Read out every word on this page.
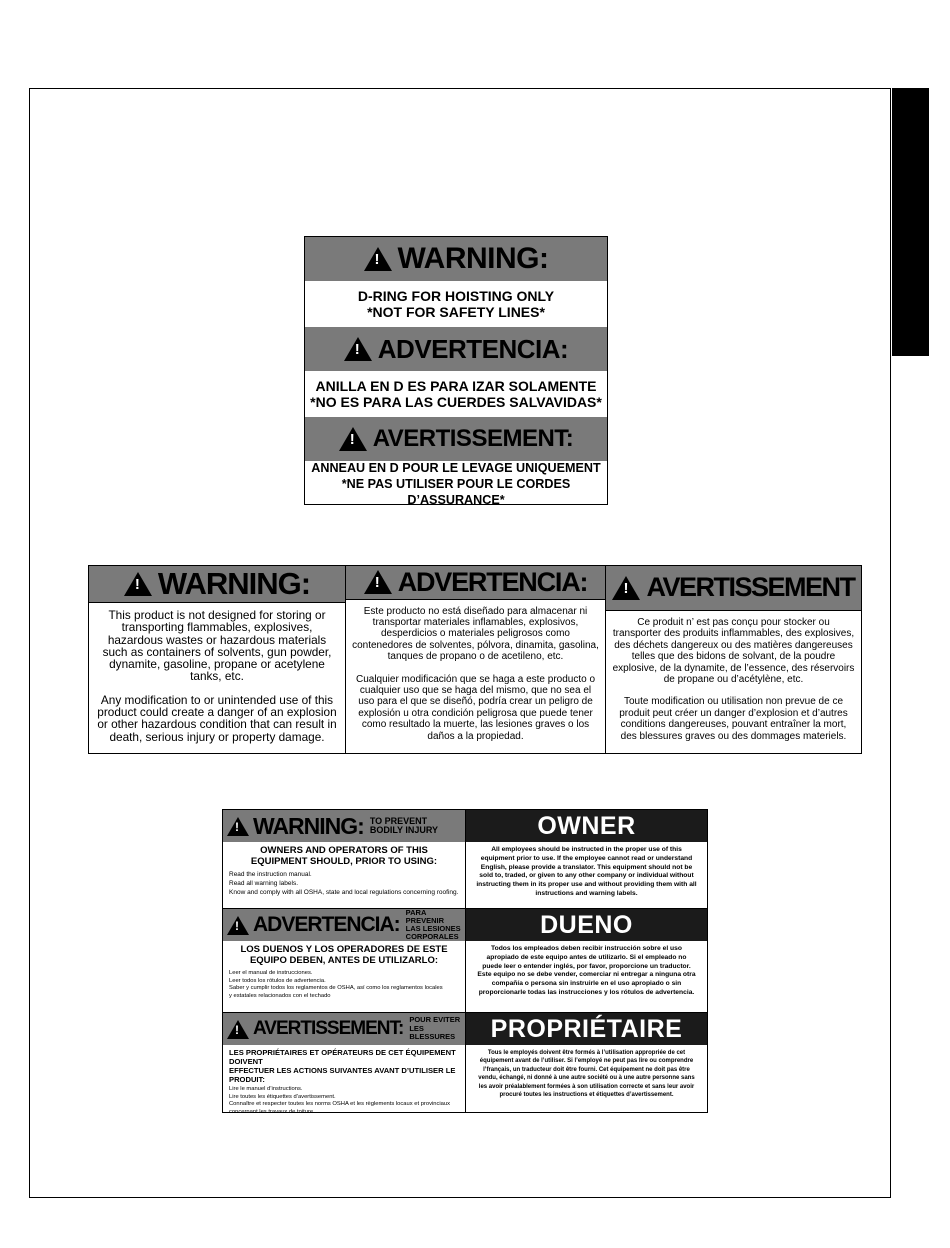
!
WARNING:
D-RING FOR HOISTING ONLY
*NOT FOR SAFETY LINES*
!
ADVERTENCIA:
ANILLA EN D ES PARA IZAR SOLAMENTE
*NO ES PARA LAS CUERDES SALVAVIDAS*
!
AVERTISSEMENT:
ANNEAU EN D POUR LE LEVAGE UNIQUEMENT
*NE PAS UTILISER POUR LE CORDES D’ASSURANCE*
!
WARNING:

This product is not designed for storing or transporting flammables, explosives, hazardous wastes or hazardous materials such as containers of solvents, gun powder, dynamite, gasoline, propane or acetylene tanks, etc.

Any modification to or unintended use of this product could create a danger of an explosion or other hazardous condition that can result in death, serious injury or property damage.

!
ADVERTENCIA:

Este producto no está diseñado para almacenar ni transportar materiales inflamables, explosivos, desperdicios o materiales peligrosos como contenedores de solventes, pólvora, dinamita, gasolina, tanques de propano o de acetileno, etc.

Cualquier modificación que se haga a este producto o cualquier uso que se haga del mismo, que no sea el uso para el que se diseñó, podría crear un peligro de explosión u otra condición peligrosa que puede tener como resultado la muerte, las lesiones graves o los daños a la propiedad.

!
AVERTISSEMENT

Ce produit n’ est pas conçu pour stocker ou transporter des produits inflammables, des explosives, des déchets dangereux ou des matières dangereuses telles que des bidons de solvant, de la poudre explosive, de la dynamite, de l’essence, des réservoirs de propane ou d’acétylène, etc.

Toute modification ou utilisation non prevue de ce produit peut créer un danger d’explosion et d’autres conditions dangereuses, pouvant entraîner la mort, des blessures graves ou des dommages materiels.

!
WARNING: TO PREVENT
BODILY INJURY
OWNERS AND OPERATORS OF THIS
EQUIPMENT SHOULD, PRIOR TO USING:
Read the instruction manual.
Read all warning labels.
Know and comply with all OSHA, state and local regulations concerning roofing.
OWNER
All employees should be instructed in the proper use of this equipment prior to use. If the employee cannot read or understand English, please provide a translator. This equipment should not be sold to, traded, or given to any other company or individual without instructing them in its proper use and without providing them with all instructions and warning labels.
!
ADVERTENCIA:
PARA PREVENIR
LAS LESIONES
CORPORALES
LOS DUENOS Y LOS OPERADORES DE ESTE
EQUIPO DEBEN, ANTES DE UTILIZARLO:
Leer el manual de instrucciones.
Leer todos los rótulos de advertencia.
Saber y cumplir todos los reglamentos de OSHA, así como los reglamentos locales
y estatales relacionados con el techado
DUENO
Todos los empleados deben recibir instrucción sobre el uso apropiado de este equipo antes de utilizarlo. Si el empleado no puede leer o entender inglés, por favor, proporcione un traductor. Este equipo no se debe vender, comerciar ni entregar a ninguna otra compañía o persona sin instruirle en el uso apropiado o sin proporcionarle todas las instrucciones y los rótulos de advertencia.
!
AVERTISSEMENT: POUR EVITER
LES BLESSURES
LES PROPRIÉTAIRES ET OPÉRATEURS DE CET ÉQUIPEMENT DOIVENT
EFFECTUER LES ACTIONS SUIVANTES AVANT D’UTILISER LE PRODUIT:
Lire le manuel d’instructions.
Lire toutes les étiquettes d’avertissement.
Connaître et respecter toutes les norms OSHA et les règlements locaux et provinciaux
concernant les travaux de toiture
PROPRIÉTAIRE
Tous le employés doivent être formés à l’utilisation appropriée de cet équipement avant de l’utiliser. Si l’employé ne peut pas lire ou comprendre l’français, un traducteur doit être fourni. Cet équipement ne doit pas être vendu, échangé, ni donné à une autre société ou à une autre personne sans les avoir préalablement formées à son utilisation correcte et sans leur avoir procuré toutes les instructions et étiquettes d’avertissement.
